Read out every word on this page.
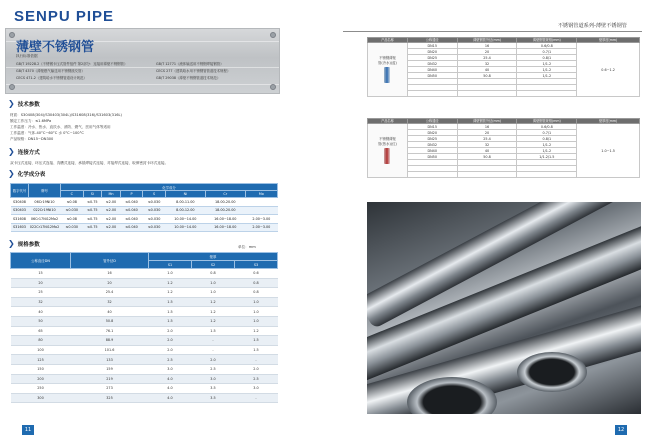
SENPU PIPE
薄壁不锈钢管
执行标准依据
GB/T 19228.2《不锈钢卡压式管件组件 第2部分：连接用薄壁不锈钢管》	GB/T 12771《流体输送用不锈钢焊接钢管》
GB/T 4370《薄壁燃气输送用不锈钢波纹管》	CECS 277《建筑给水用不锈钢管管道技术规程》
CECS 471-2《建筑给水不锈钢管道设计规范》	GB/T 29038《薄壁不锈钢管道技术规范》
❯ 技术参数
材质：S30408(304)/S30403(304L)/S31608(316)/S31603(316L)
额定工作压力：≤1.6MPa
工作温度：冷水、热水、直饮水、消防、燃气、医用气体等适用
工作温度：气体-40°C~60°C 水 0°C~100°C
产品规格：DN15~DN300
❯ 连接方式
双卡压式连接、环压式连接、沟槽式连接、承插焊接式连接、对接焊式连接、取伸密封卡环式连接。
❯ 化学成分表
数字代号	牌号	化学成分							
		C	Si	Mn	P	S	Ni	Cr	Mo
S30408	06Cr19Ni10	≤0.08	≤0.75	≤2.00	≤0.040	≤0.030	8.00-11.00	18.00-20.00	
S30403	022Cr19Ni10	≤0.030	≤0.75	≤2.00	≤0.040	≤0.030	8.00-12.00	18.00-20.00	
S31608	06Cr17Ni12Mo2	≤0.08	≤0.75	≤2.00	≤0.040	≤0.030	10.00~14.00	16.00~18.00	2.00~3.00
S31603	022Cr17Ni12Mo2	≤0.030	≤0.75	≤2.00	≤0.040	≤0.030	10.00~14.00	16.00~18.00	2.00~3.00
❯ 规格参数	单位：mm
公称直径DN	管外径D	壁厚		
		S1	S2	S3
15	16	1.0	0.8	0.6
20	20	1.2	1.0	0.8
25	25.4	1.2	1.0	0.8
32	32	1.5	1.2	1.0
40	40	1.5	1.2	1.0
50	50.8	1.5	1.2	1.0
65	76.1	2.0	1.5	1.2
80	88.9	2.0	-	1.5
100	101.6	2.0	-	1.5
125	133	2.5	2.0	-
150	159	3.0	2.5	2.0
200	219	4.0	3.0	2.5
250	273	4.0	3.5	3.0
300	325	4.0	3.5	-
11
不锈钢管道系列-薄壁不锈钢管
产品名称	公称通径	薄壁钢管外径(mm)	薄壁钢管规格(mm)	壁厚度(mm)

不锈钢薄壁管(冷水)(蓝)	DN15	16	0.6/0.8	0.6~1.2
	DN20	20	0.7/1	
	DN25	25.4	0.8/1	
	DN32	32	1/1.2	
	DN40	40	1/1.2	
	DN50	50.8	1/1.2	

产品名称	公称通径	薄壁钢管外径(mm)	薄壁钢管规格(mm)	壁厚度(mm)

不锈钢薄壁管(热水)(红)	DN15	16	0.6/0.8	1.0~1.5
	DN20	20	0.7/1	
	DN25	25.4	0.8/1	
	DN32	32	1/1.2	
	DN40	40	1/1.2	
	DN50	50.8	1/1.2/1.5	

12
